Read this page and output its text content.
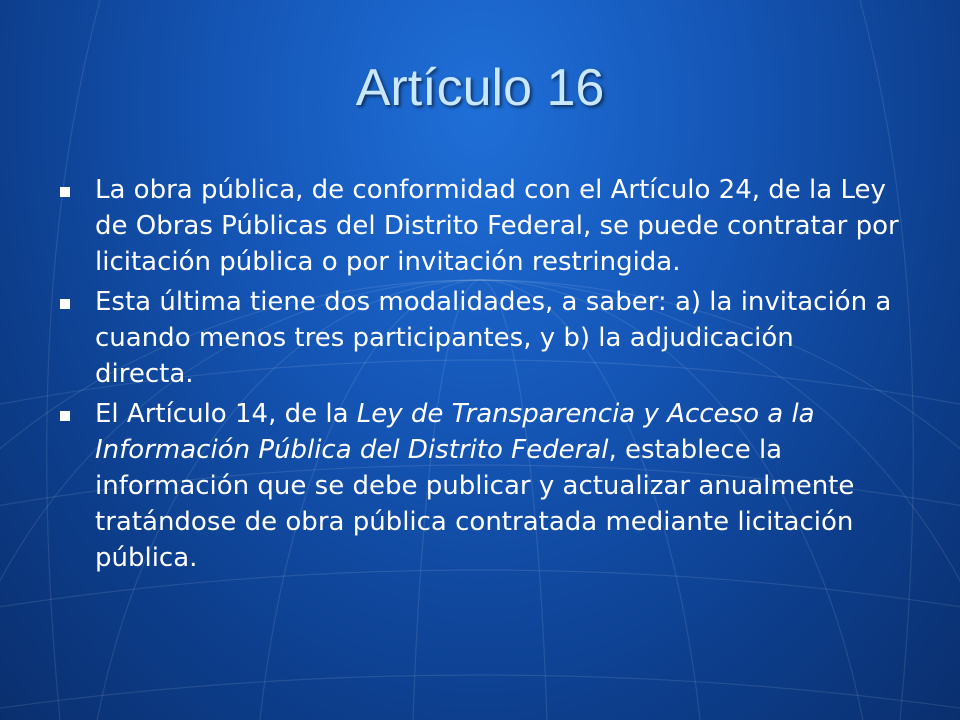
Artículo 16
La obra pública, de conformidad con el Artículo 24, de la Ley de Obras Públicas del Distrito Federal, se puede contratar por licitación pública o por invitación restringida.
Esta última tiene dos modalidades, a saber: a) la invitación a cuando menos tres participantes, y b) la adjudicación directa.
El Artículo 14, de la Ley de Transparencia y Acceso a la Información Pública del Distrito Federal, establece la información que se debe publicar y actualizar anualmente tratándose de obra pública contratada mediante licitación pública.
